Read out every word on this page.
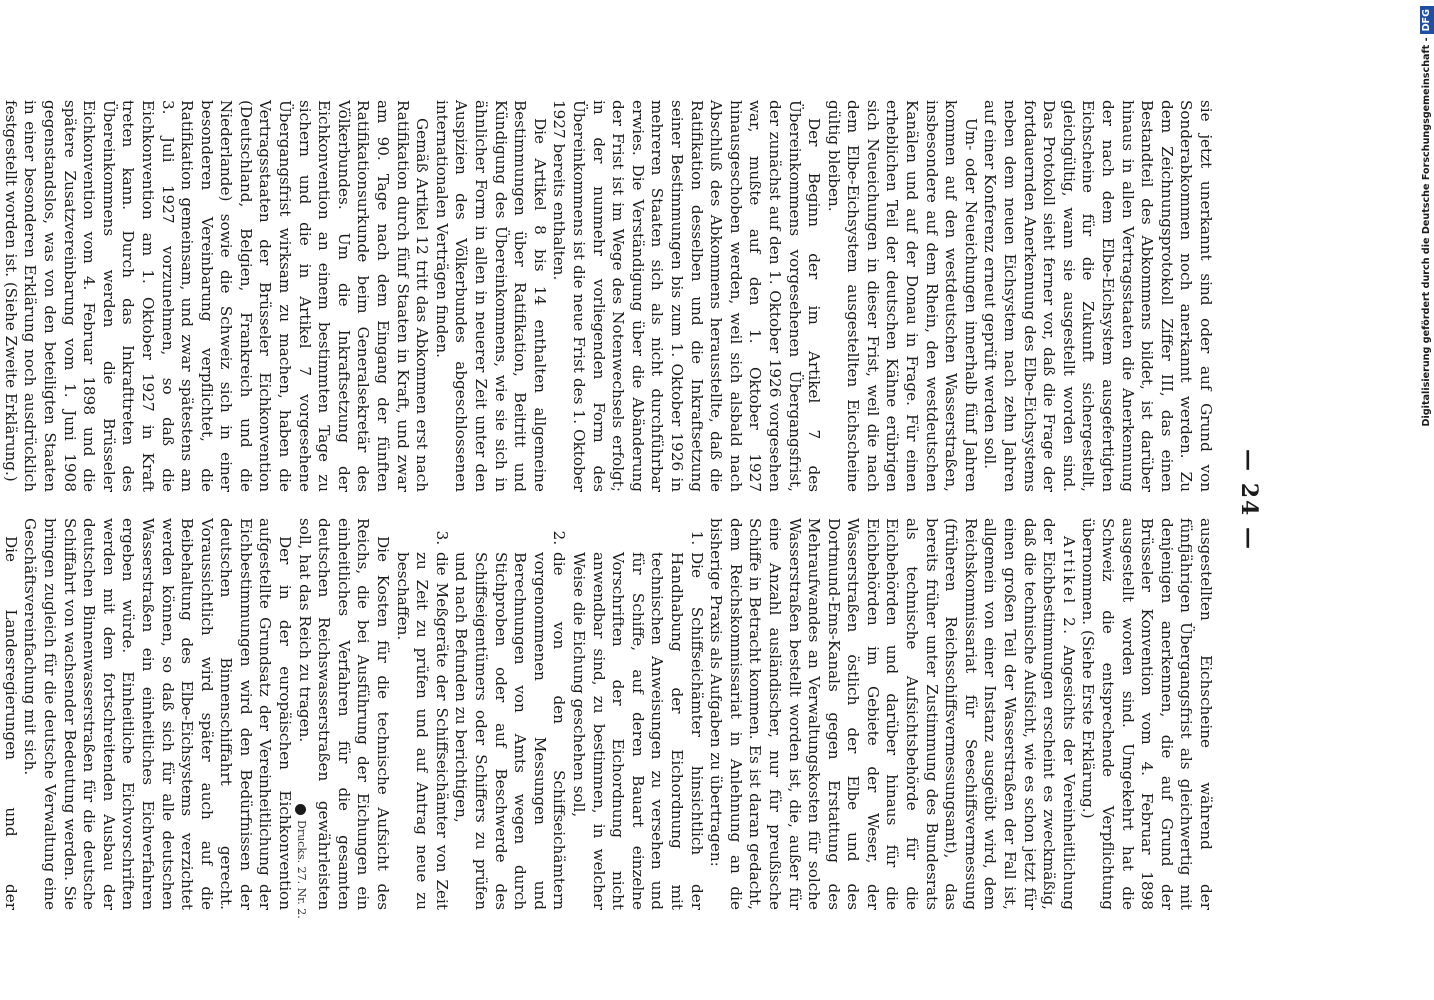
— 24 —

sie jetzt unerkannt sind oder auf Grund von Sonderabkommen noch anerkannt werden. Zu dem Zeichnungsprotokoll Ziffer III, das einen Bestandteil des Abkommens bildet, ist darüber hinaus in allen Vertragsstaaten die Anerkennung der nach dem Elbe-Eichsystem ausgefertigten Eichscheine für die Zukunft sichergestellt, gleichgültig, wann sie ausgestellt worden sind. Das Protokoll sieht ferner vor, daß die Frage der fortdauernden Anerkennung des Elbe-Eichsystems neben dem neuen Eichsystem nach zehn Jahren auf einer Konferenz erneut geprüft werden soll.

Um- oder Neueichungen innerhalb fünf Jahren kommen auf den westdeutschen Wasserstraßen, insbesondere auf dem Rhein, den westdeutschen Kanälen und auf der Donau in Frage. Für einen erheblichen Teil der deutschen Kähne erübrigen sich Neueichungen in dieser Frist, weil die nach dem Elbe-Eichsystem ausgestellten Eichscheine gültig bleiben.

Der Beginn der im Artikel 7 des Übereinkommens vorgesehenen Übergangsfrist, der zunächst auf den 1. Oktober 1926 vorgesehen war, mußte auf den 1. Oktober 1927 hinausgeschoben werden, weil sich alsbald nach Abschluß des Abkommens herausstellte, daß die Ratifikation desselben und die Inkraftsetzung seiner Bestimmungen bis zum 1. Oktober 1926 in mehreren Staaten sich als nicht durchführbar erwies. Die Verständigung über die Abänderung der Frist ist im Wege des Notenwechsels erfolgt; in der nunmehr vorliegenden Form des Übereinkommens ist die neue Frist des 1. Oktober 1927 bereits enthalten.

Die Artikel 8 bis 14 enthalten allgemeine Bestimmungen über Ratifikation, Beitritt und Kündigung des Übereinkommens, wie sie sich in ähnlicher Form in allen in neuerer Zeit unter den Auspizien des Völkerbundes abgeschlossenen internationalen Verträgen finden.

Gemäß Artikel 12 tritt das Abkommen erst nach Ratifikation durch fünf Staaten in Kraft, und zwar am 90. Tage nach dem Eingang der fünften Ratifikationsurkunde beim Generalsekretär des Völkerbundes. Um die Inkraftsetzung der Eichkonvention an einem bestimmten Tage zu sichern und die in Artikel 7 vorgesehene Übergangsfrist wirksam zu machen, haben die Vertragsstaaten der Brüsseler Eichkonvention (Deutschland, Belgien, Frankreich und die Niederlande) sowie die Schweiz sich in einer besonderen Vereinbarung verpflichtet, die Ratifikation gemeinsam, und zwar spätestens am 3. Juli 1927 vorzunehmen, so daß die Eichkonvention am 1. Oktober 1927 in Kraft treten kann. Durch das Inkrafttreten des Übereinkommens werden die Brüsseler Eichkonvention vom 4. Februar 1898 und die spätere Zusatzvereinbarung vom 1. Juni 1908 gegenstandslos, was von den beteiligten Staaten in einer besonderen Erklärung noch ausdrücklich festgestellt worden ist. (Siehe Zweite Erklärung.)

ausgestellten Eichscheine während der fünfjährigen Übergangsfrist als gleichwertig mit denjenigen anerkennen, die auf Grund der Brüsseler Konvention vom 4. Februar 1898 ausgestellt worden sind. Umgekehrt hat die Schweiz die entsprechende Verpflichtung übernommen. (Siehe Erste Erklärung.)

Artikel 2. Angesichts der Vereinheitlichung der Eichbestimmungen erscheint es zweckmäßig, daß die technische Aufsicht, wie es schon jetzt für einen großen Teil der Wasserstraßen der Fall ist, allgemein von einer Instanz ausgeübt wird, dem Reichskommissariat für Seeschiffsvermessung (früheren Reichsschiffsvermessungsamt), das bereits früher unter Zustimmung des Bundesrats als technische Aufsichtsbehörde für die Eichbehörden und darüber hinaus für die Eichbehörden im Gebiete der Weser, der Wasserstraßen östlich der Elbe und des Dortmund-Ems-Kanals gegen Erstattung des Mehraufwandes an Verwaltungskosten für solche Wasserstraßen bestellt worden ist, die, außer für eine Anzahl ausländischer, nur für preußische Schiffe in Betracht kommen. Es ist daran gedacht, dem Reichskommissariat in Anlehnung an die bisherige Praxis als Aufgaben zu übertragen:

1. Die Schiffseichämter hinsichtlich der Handhabung der Eichordnung mit technischen Anweisungen zu versehen und für Schiffe, auf deren Bauart einzelne Vorschriften der Eichordnung nicht anwendbar sind, zu bestimmen, in welcher Weise die Eichung geschehen soll,
2. die von den Schiffseichämtern vorgenommenen Messungen und Berechnungen von Amts wegen durch Stichproben oder auf Beschwerde des Schiffseigentümers oder Schiffers zu prüfen und nach Befunden zu berichtigen,
3. die Meßgeräte der Schiffseichämter von Zeit zu Zeit zu prüfen und auf Antrag neue zu beschaffen.

Die Kosten für die technische Aufsicht des Reichs, die bei Ausführung der Eichungen ein einheitliches Verfahren für die gesamten deutschen Reichswasserstraßen gewährleisten soll, hat das Reich zu tragen.

Der in der europäischen Eichkonvention aufgestellte Grundsatz der Vereinheitlichung der Eichbestimmungen wird den Bedürfnissen der deutschen Binnenschiffahrt gerecht. Voraussichtlich wird später auch auf die Beibehaltung des Elbe-Eichsystems verzichtet werden können, so daß sich für alle deutschen Wasserstraßen ein einheitliches Eichverfahren ergeben würde. Einheitliche Eichvorschriften werden mit dem fortschreitenden Ausbau der deutschen Binnenwasserstraßen für die deutsche Schiffahrt von wachsender Bedeutung werden. Sie bringen zugleich für die deutsche Verwaltung eine Geschäftsvereinfachung mit sich.

Die Landesregierungen und der	Drucks. 27. Nr. 2.
Digitalisierung gefördert durch die Deutsche Forschungsgemeinschaft -DFG
